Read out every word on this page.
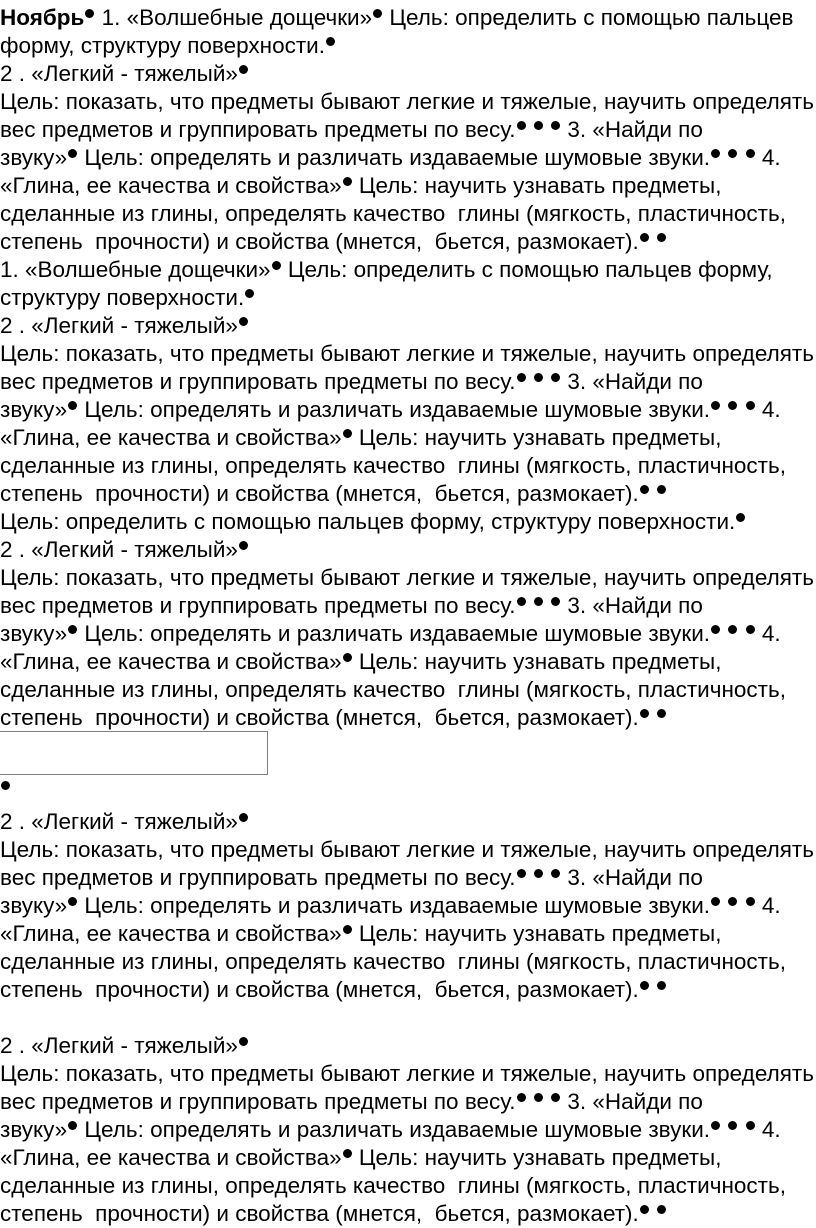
Ноябрь 1. «Волшебные дощечки» Цель: определить с помощью пальцев
форму, структуру поверхности.
2 . «Легкий - тяжелый»
Цель: показать, что предметы бывают легкие и тяжелые, научить определять
вес предметов и группировать предметы по весу.   3. «Найди по
звуку» Цель: определять и различать издаваемые шумовые звуки.   4.
«Глина, ее качества и свойства» Цель: научить узнавать предметы,
сделанные из глины, определять качество  глины (мягкость, пластичность,
степень  прочности) и свойства (мнется,  бьется, размокает).
1. «Волшебные дощечки» Цель: определить с помощью пальцев форму,
структуру поверхности.
2 . «Легкий - тяжелый»
Цель: показать, что предметы бывают легкие и тяжелые, научить определять
вес предметов и группировать предметы по весу.   3. «Найди по
звуку» Цель: определять и различать издаваемые шумовые звуки.   4.
«Глина, ее качества и свойства» Цель: научить узнавать предметы,
сделанные из глины, определять качество  глины (мягкость, пластичность,
степень  прочности) и свойства (мнется,  бьется, размокает).
Цель: определить с помощью пальцев форму, структуру поверхности.
2 . «Легкий - тяжелый»
Цель: показать, что предметы бывают легкие и тяжелые, научить определять
вес предметов и группировать предметы по весу.   3. «Найди по
звуку» Цель: определять и различать издаваемые шумовые звуки.   4.
«Глина, ее качества и свойства» Цель: научить узнавать предметы,
сделанные из глины, определять качество  глины (мягкость, пластичность,
степень  прочности) и свойства (мнется,  бьется, размокает).
2 . «Легкий - тяжелый»
Цель: показать, что предметы бывают легкие и тяжелые, научить определять
вес предметов и группировать предметы по весу.   3. «Найди по
звуку» Цель: определять и различать издаваемые шумовые звуки.   4.
«Глина, ее качества и свойства» Цель: научить узнавать предметы,
сделанные из глины, определять качество  глины (мягкость, пластичность,
степень  прочности) и свойства (мнется,  бьется, размокает).
2 . «Легкий - тяжелый»
Цель: показать, что предметы бывают легкие и тяжелые, научить определять
вес предметов и группировать предметы по весу.   3. «Найди по
звуку» Цель: определять и различать издаваемые шумовые звуки.   4.
«Глина, ее качества и свойства» Цель: научить узнавать предметы,
сделанные из глины, определять качество  глины (мягкость, пластичность,
степень  прочности) и свойства (мнется,  бьется, размокает).
